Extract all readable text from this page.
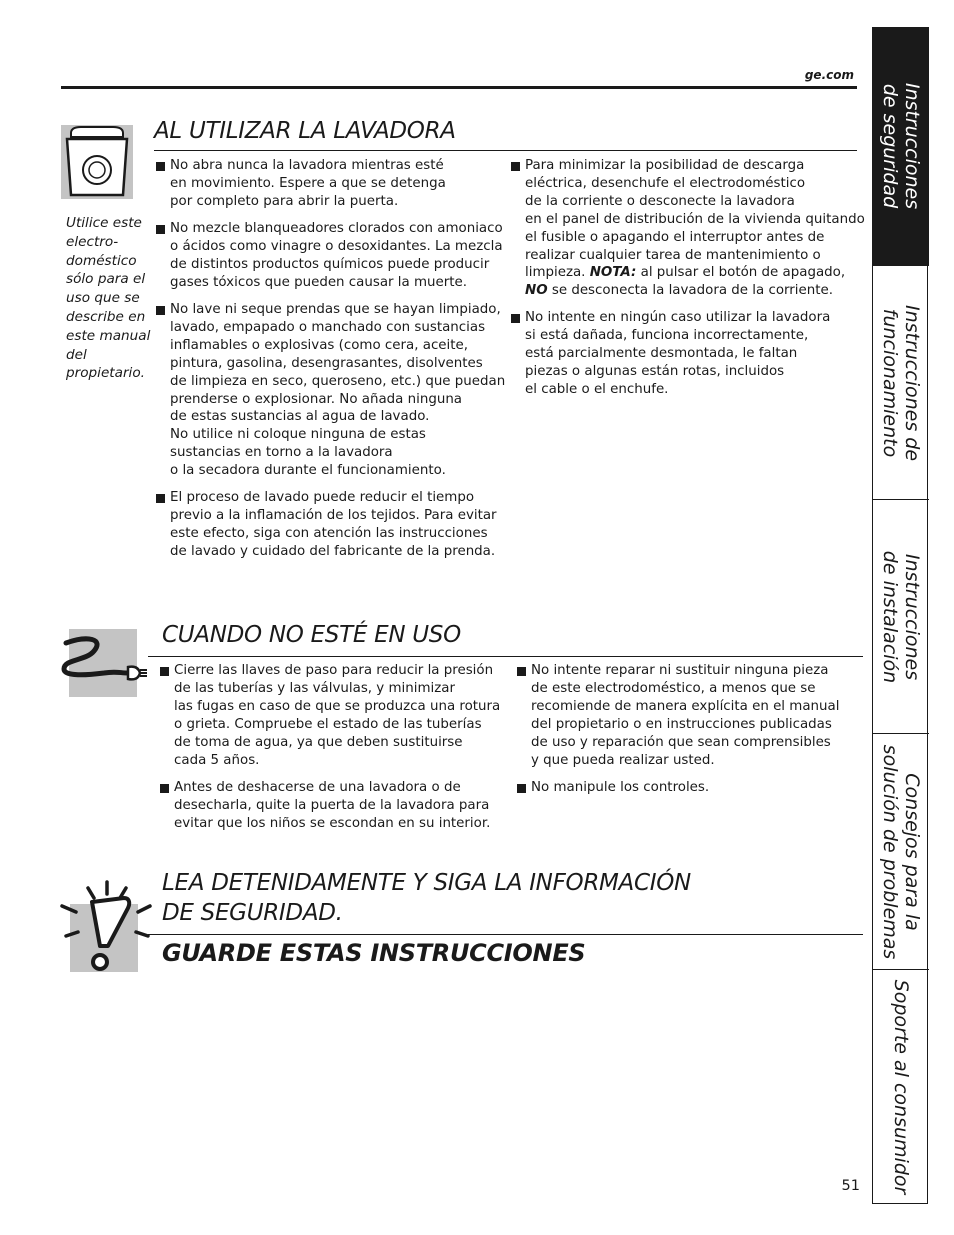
ge.com
AL UTILIZAR LA LAVADORA
Utilice este
electro-
doméstico
sólo para el
uso que se
describe en
este manual
del
propietario.
No abra nunca la lavadora mientras esté
en movimiento. Espere a que se detenga
por completo para abrir la puerta.
No mezcle blanqueadores clorados con amoniaco
o ácidos como vinagre o desoxidantes. La mezcla
de distintos productos químicos puede producir
gases tóxicos que pueden causar la muerte.
No lave ni seque prendas que se hayan limpiado,
lavado, empapado o manchado con sustancias
inflamables o explosivas (como cera, aceite,
pintura, gasolina, desengrasantes, disolventes
de limpieza en seco, queroseno, etc.) que puedan
prenderse o explosionar. No añada ninguna
de estas sustancias al agua de lavado.
No utilice ni coloque ninguna de estas
sustancias en torno a la lavadora
o la secadora durante el funcionamiento.
El proceso de lavado puede reducir el tiempo
previo a la inflamación de los tejidos. Para evitar
este efecto, siga con atención las instrucciones
de lavado y cuidado del fabricante de la prenda.
Para minimizar la posibilidad de descarga
eléctrica, desenchufe el electrodoméstico
de la corriente o desconecte la lavadora
en el panel de distribución de la vivienda quitando
el fusible o apagando el interruptor antes de
realizar cualquier tarea de mantenimiento o
limpieza. NOTA: al pulsar el botón de apagado,
NO se desconecta la lavadora de la corriente.
No intente en ningún caso utilizar la lavadora
si está dañada, funciona incorrectamente,
está parcialmente desmontada, le faltan
piezas o algunas están rotas, incluidos
el cable o el enchufe.
CUANDO NO ESTÉ EN USO
Cierre las llaves de paso para reducir la presión
de las tuberías y las válvulas, y minimizar
las fugas en caso de que se produzca una rotura
o grieta. Compruebe el estado de las tuberías
de toma de agua, ya que deben sustituirse
cada 5 años.
Antes de deshacerse de una lavadora o de
desecharla, quite la puerta de la lavadora para
evitar que los niños se escondan en su interior.
No intente reparar ni sustituir ninguna pieza
de este electrodoméstico, a menos que se
recomiende de manera explícita en el manual
del propietario o en instrucciones publicadas
de uso y reparación que sean comprensibles
y que pueda realizar usted.
No manipule los controles.
LEA DETENIDAMENTE Y SIGA LA INFORMACIÓN
DE SEGURIDAD.
GUARDE ESTAS INSTRUCCIONES
Instrucciones
de seguridad
Instrucciones de
funcionamiento
Instrucciones
de instalación
Consejos para la
solución de problemas
Soporte al consumidor
51
